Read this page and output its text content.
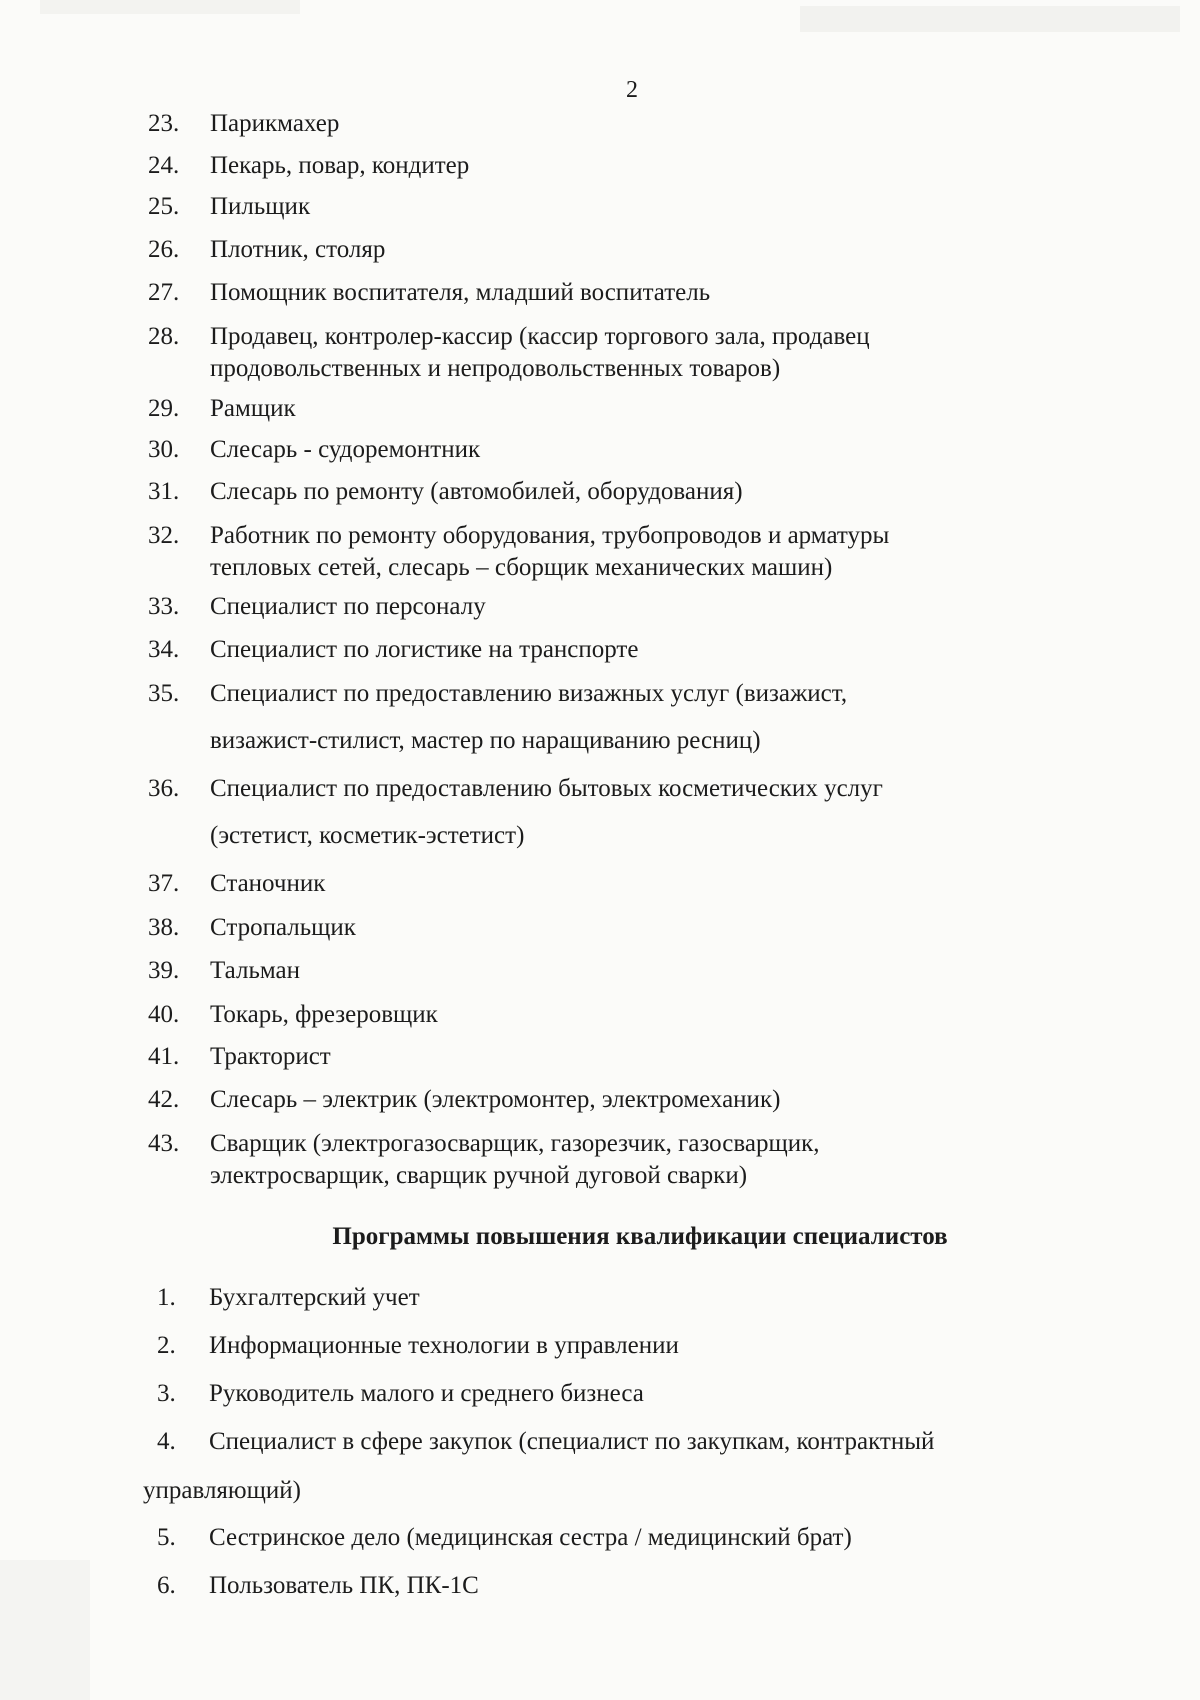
2
23.	Парикмахер
24.	Пекарь, повар, кондитер
25.	Пильщик
26.	Плотник, столяр
27.	Помощник воспитателя, младший воспитатель
28.	Продавец, контролер-кассир (кассир торгового зала, продавец
продовольственных и непродовольственных товаров)
29.	Рамщик
30.	Слесарь - судоремонтник
31.	Слесарь по ремонту (автомобилей, оборудования)
32.	Работник по ремонту оборудования, трубопроводов и арматуры
тепловых сетей, слесарь – сборщик механических машин)
33.	Специалист по персоналу
34.	Специалист по логистике на транспорте
35.	Специалист по предоставлению визажных услуг (визажист,
визажист-стилист, мастер по наращиванию ресниц)
36.	Специалист по предоставлению бытовых косметических услуг
(эстетист, косметик-эстетист)
37.	Станочник
38.	Стропальщик
39.	Тальман
40.	Токарь, фрезеровщик
41.	Тракторист
42.	Слесарь – электрик (электромонтер, электромеханик)
43.	Сварщик (электрогазосварщик, газорезчик, газосварщик,
электросварщик, сварщик ручной дуговой сварки)
Программы повышения квалификации специалистов
1.	Бухгалтерский учет
2.	Информационные технологии в управлении
3.	Руководитель малого и среднего бизнеса
4.	Специалист в сфере закупок (специалист по закупкам, контрактный
управляющий)
5.	Сестринское дело (медицинская сестра / медицинский брат)
6.	Пользователь ПК, ПК-1С
